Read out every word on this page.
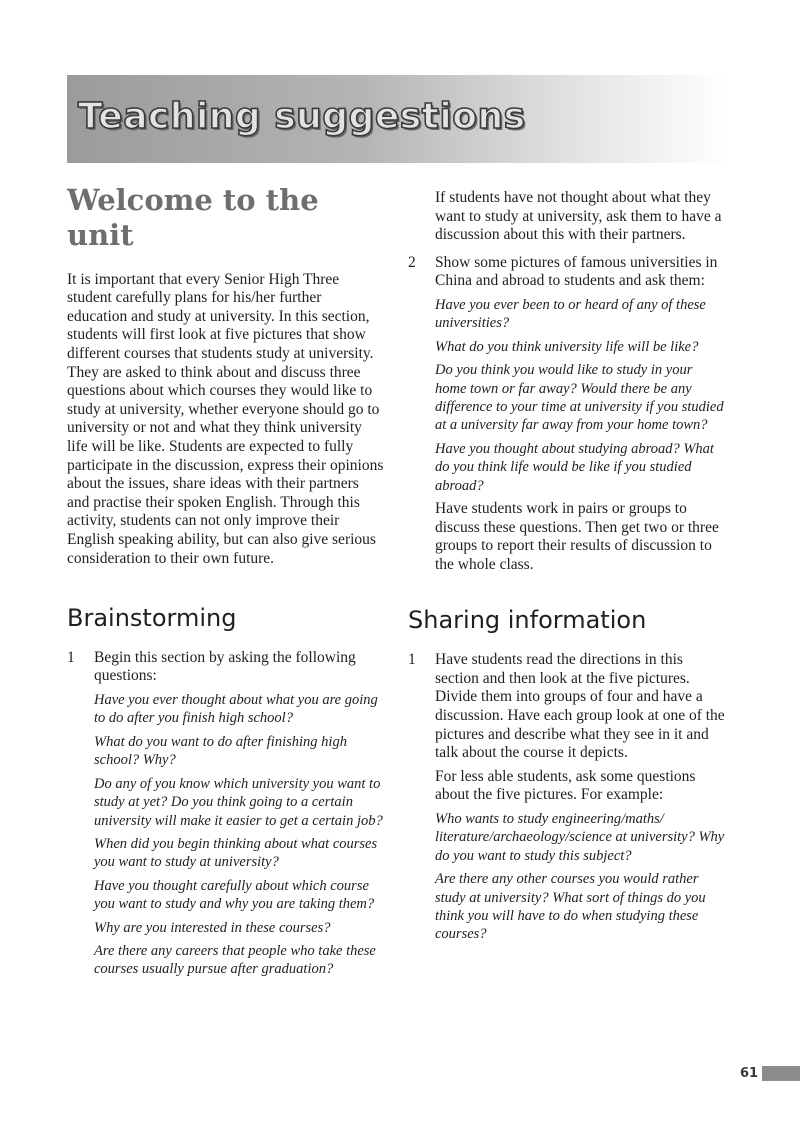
Teaching suggestions
Welcome to the unit

It is important that every Senior High Three student carefully plans for his/her further education and study at university. In this section, students will first look at five pictures that show different courses that students study at university. They are asked to think about and discuss three questions about which courses they would like to study at university, whether everyone should go to university or not and what they think university life will be like. Students are expected to fully participate in the discussion, express their opinions about the issues, share ideas with their partners and practise their spoken English. Through this activity, students can not only improve their English speaking ability, but can also give serious consideration to their own future.

Brainstorming
1 Begin this section by asking the following questions:

Have you ever thought about what you are going to do after you finish high school?

What do you want to do after finishing high school? Why?

Do any of you know which university you want to study at yet? Do you think going to a certain university will make it easier to get a certain job?

When did you begin thinking about what courses you want to study at university?

Have you thought carefully about which course you want to study and why you are taking them?

Why are you interested in these courses?

Are there any careers that people who take these courses usually pursue after graduation?

If students have not thought about what they want to study at university, ask them to have a discussion about this with their partners.

2 Show some pictures of famous universities in China and abroad to students and ask them:

Have you ever been to or heard of any of these universities?

What do you think university life will be like?

Do you think you would like to study in your home town or far away? Would there be any difference to your time at university if you studied at a university far away from your home town?

Have you thought about studying abroad? What do you think life would be like if you studied abroad?

Have students work in pairs or groups to discuss these questions. Then get two or three groups to report their results of discussion to the whole class.

Sharing information
1 Have students read the directions in this section and then look at the five pictures. Divide them into groups of four and have a discussion. Have each group look at one of the pictures and describe what they see in it and talk about the course it depicts.

For less able students, ask some questions about the five pictures. For example:

Who wants to study engineering/maths/ literature/archaeology/science at university? Why do you want to study this subject?

Are there any other courses you would rather study at university? What sort of things do you think you will have to do when studying these courses?

61
